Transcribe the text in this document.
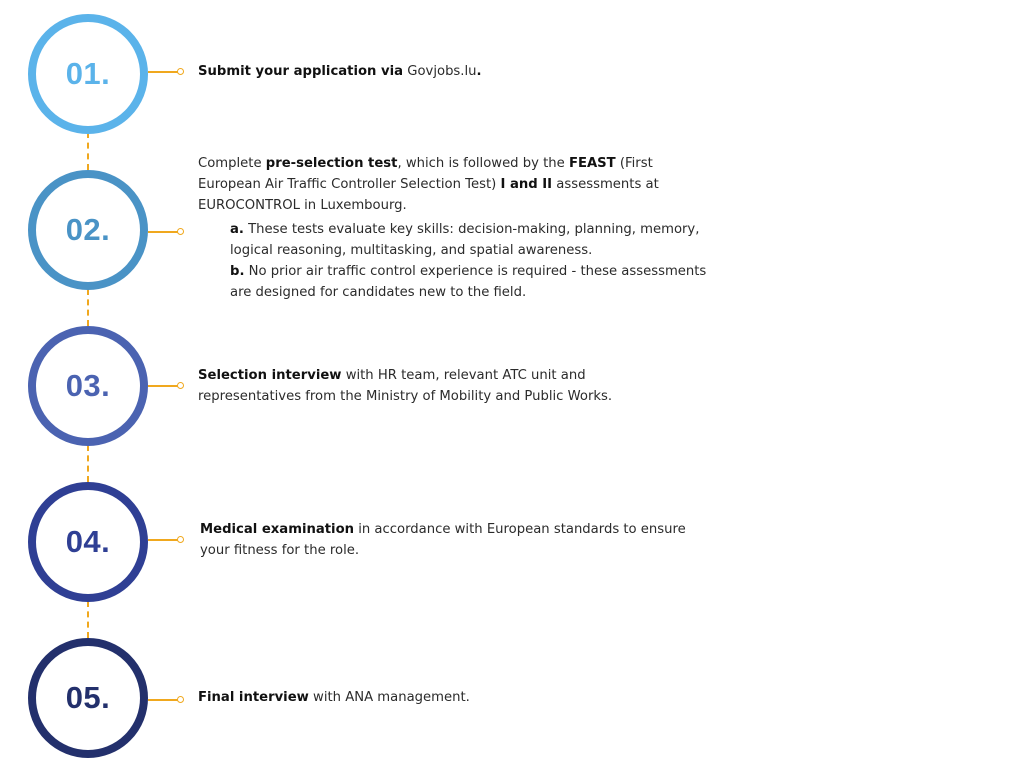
01.	Submit your application via Govjobs.lu.
02.
Complete pre-selection test, which is followed by the FEAST (First European Air Traffic Controller Selection Test) I and II assessments at EUROCONTROL in Luxembourg.
a. These tests evaluate key skills: decision-making, planning, memory, logical reasoning, multitasking, and spatial awareness.
b. No prior air traffic control experience is required - these assessments are designed for candidates new to the field.
03.	Selection interview with HR team, relevant ATC unit and representatives from the Ministry of Mobility and Public Works.
04.	Medical examination in accordance with European standards to ensure your fitness for the role.
05.	Final interview with ANA management.
